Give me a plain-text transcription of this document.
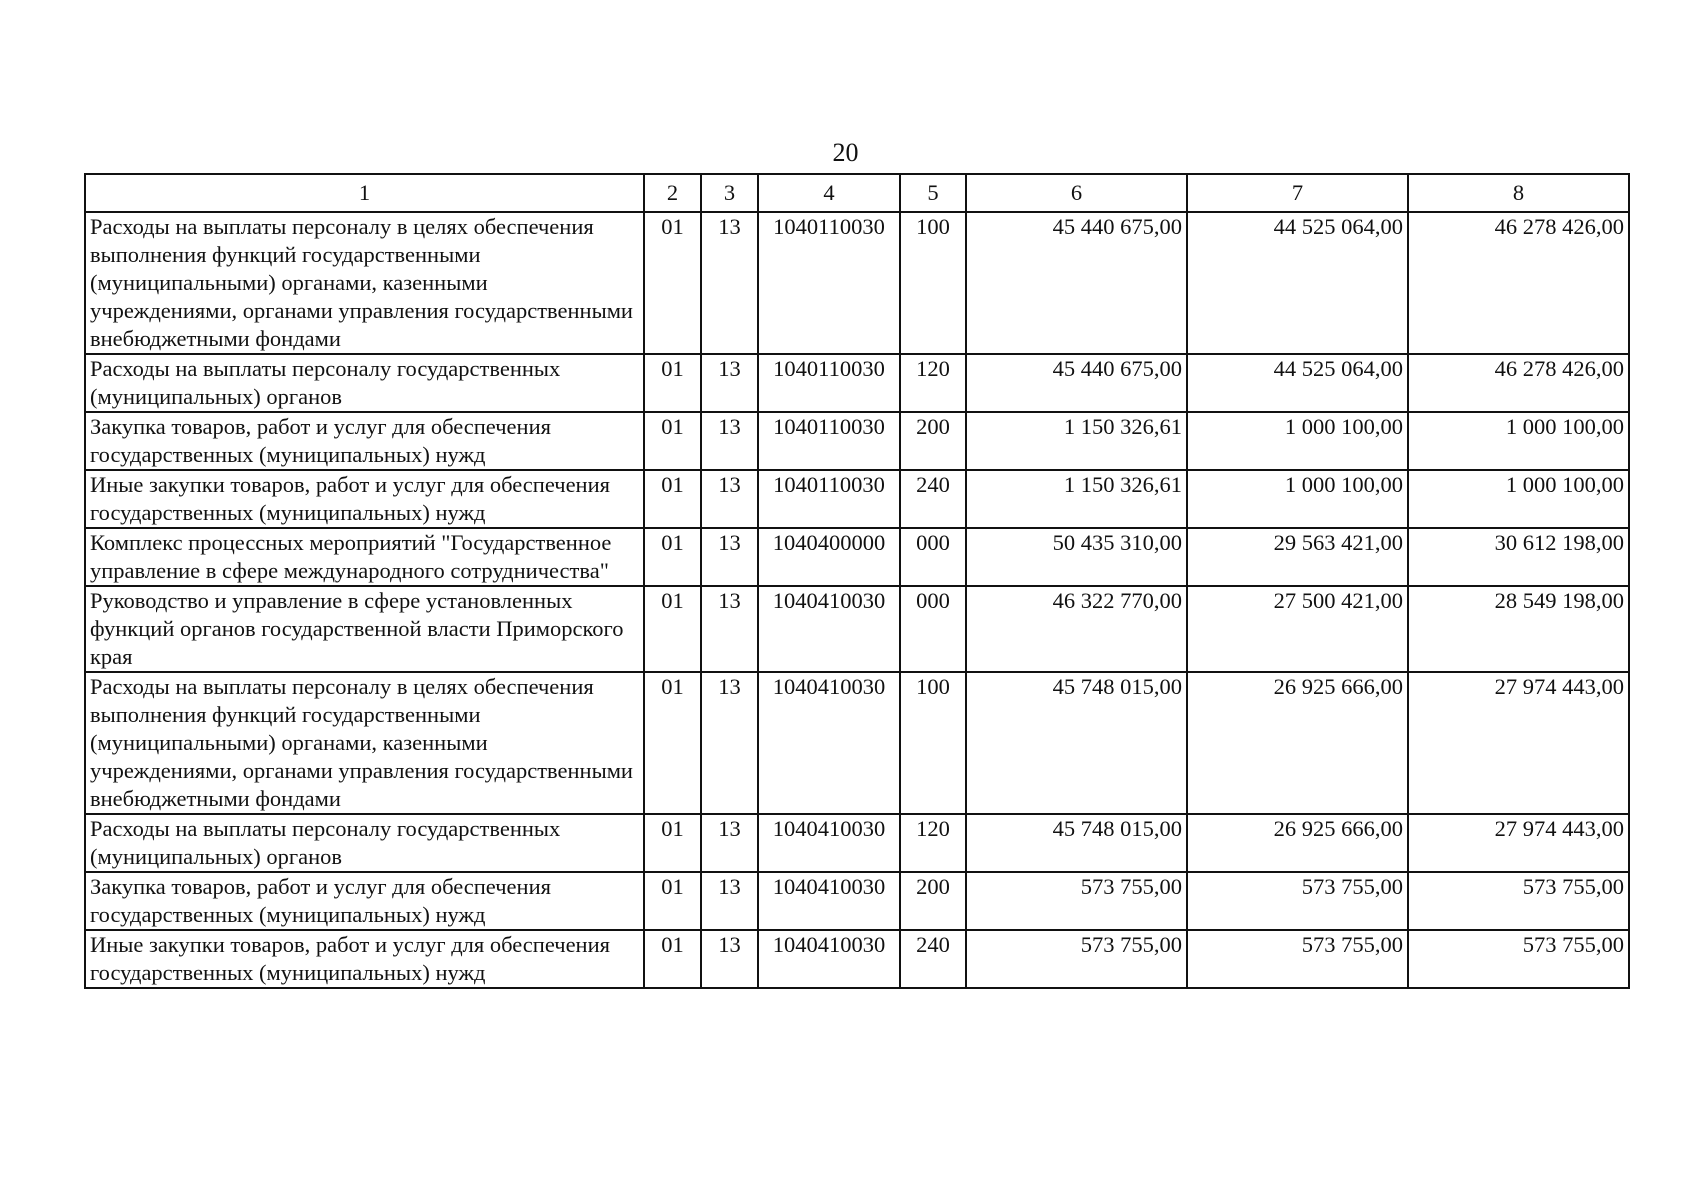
20
1	2	3	4	5	6	7	8
Расходы на выплаты персоналу в целях обеспечения выполнения функций государственными (муниципальными) органами, казенными учреждениями, органами управления государственными внебюджетными фондами	01	13	1040110030	100	45 440 675,00	44 525 064,00	46 278 426,00
Расходы на выплаты персоналу государственных (муниципальных) органов	01	13	1040110030	120	45 440 675,00	44 525 064,00	46 278 426,00
Закупка товаров, работ и услуг для обеспечения государственных (муниципальных) нужд	01	13	1040110030	200	1 150 326,61	1 000 100,00	1 000 100,00
Иные закупки товаров, работ и услуг для обеспечения государственных (муниципальных) нужд	01	13	1040110030	240	1 150 326,61	1 000 100,00	1 000 100,00
Комплекс процессных мероприятий "Государственное управление в сфере международного сотрудничества"	01	13	1040400000	000	50 435 310,00	29 563 421,00	30 612 198,00
Руководство и управление в сфере установленных функций органов государственной власти Приморского края	01	13	1040410030	000	46 322 770,00	27 500 421,00	28 549 198,00
Расходы на выплаты персоналу в целях обеспечения выполнения функций государственными (муниципальными) органами, казенными учреждениями, органами управления государственными внебюджетными фондами	01	13	1040410030	100	45 748 015,00	26 925 666,00	27 974 443,00
Расходы на выплаты персоналу государственных (муниципальных) органов	01	13	1040410030	120	45 748 015,00	26 925 666,00	27 974 443,00
Закупка товаров, работ и услуг для обеспечения государственных (муниципальных) нужд	01	13	1040410030	200	573 755,00	573 755,00	573 755,00
Иные закупки товаров, работ и услуг для обеспечения государственных (муниципальных) нужд	01	13	1040410030	240	573 755,00	573 755,00	573 755,00
